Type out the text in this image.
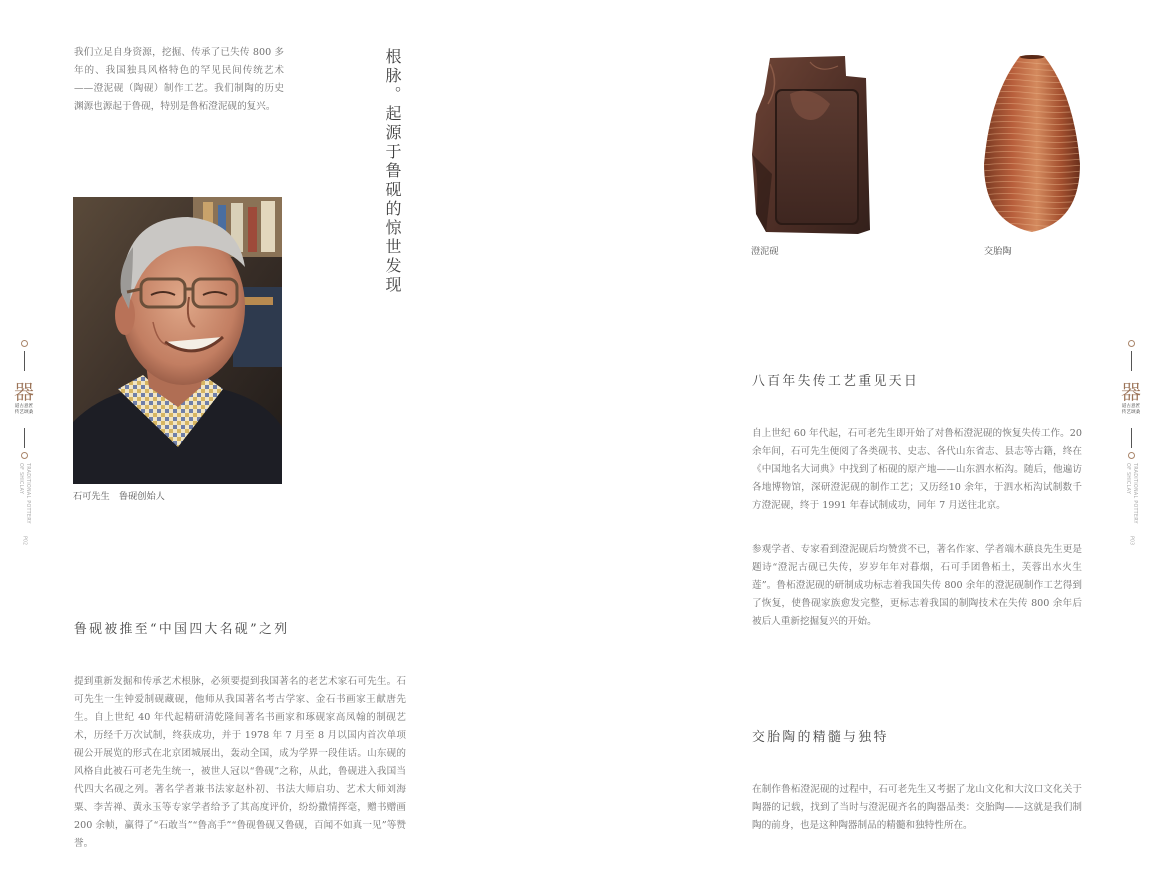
器
道古意匠
传艺颂桑
TRADITIONAL POTTERY
OF SHICLAY
P02
器
道古意匠
传艺颂桑
TRADITIONAL POTTERY
OF SHICLAY
P03
我们立足自身资源，挖掘、传承了已失传 800 多年的、我国独具风格特色的罕见民间传统艺术——澄泥砚（陶砚）制作工艺。我们制陶的历史渊源也源起于鲁砚，特别是鲁柘澄泥砚的复兴。	根脉。起源于鲁砚的惊世发现
石可先生　鲁砚创始人
鲁砚被推至“中国四大名砚”之列
提到重新发掘和传承艺术根脉，必须要提到我国著名的老艺术家石可先生。石可先生一生钟爱制砚藏砚，他师从我国著名考古学家、金石书画家王献唐先生。自上世纪 40 年代起精研清乾隆间著名书画家和琢砚家高凤翰的制砚艺术，历经千万次试制，终获成功，并于 1978 年 7 月至 8 月以国内首次单项砚公开展览的形式在北京团城展出，轰动全国，成为学界一段佳话。山东砚的风格自此被石可老先生统一，被世人冠以“鲁砚”之称，从此，鲁砚进入我国当代四大名砚之列。著名学者兼书法家赵朴初、书法大师启功、艺术大师刘海粟、李苦禅、黄永玉等专家学者给予了其高度评价，纷纷撒情挥毫，赠书赠画 200 余帧，赢得了“石敢当”“鲁高手”“鲁砚鲁砚又鲁砚，百闻不如真一见”等赞誉。
澄泥砚	交胎陶
八百年失传工艺重见天日
自上世纪 60 年代起，石可老先生即开始了对鲁柘澄泥砚的恢复失传工作。20 余年间，石可先生便阅了各类砚书、史志、各代山东省志、县志等古籍，终在《中国地名大词典》中找到了柘砚的原产地——山东泗水柘沟。随后，他遍访各地博物馆，深研澄泥砚的制作工艺；又历经10 余年，于泗水柘沟试制数千方澄泥砚，终于 1991 年春试制成功，同年 7 月送往北京。
参观学者、专家看到澄泥砚后均赞赏不已，著名作家、学者端木蕻良先生更是题诗“澄泥古砚已失传，岁岁年年对暮烟，石可手团鲁柘土，芙蓉出水火生莲”。鲁柘澄泥砚的研制成功标志着我国失传 800 余年的澄泥砚制作工艺得到了恢复，使鲁砚家族愈发完整，更标志着我国的制陶技术在失传 800 余年后被后人重新挖掘复兴的开始。
交胎陶的精髓与独特
在制作鲁柘澄泥砚的过程中，石可老先生又考据了龙山文化和大汶口文化关于陶器的记载，找到了当时与澄泥砚齐名的陶器品类：交胎陶——这就是我们制陶的前身，也是这种陶器制品的精髓和独特性所在。
